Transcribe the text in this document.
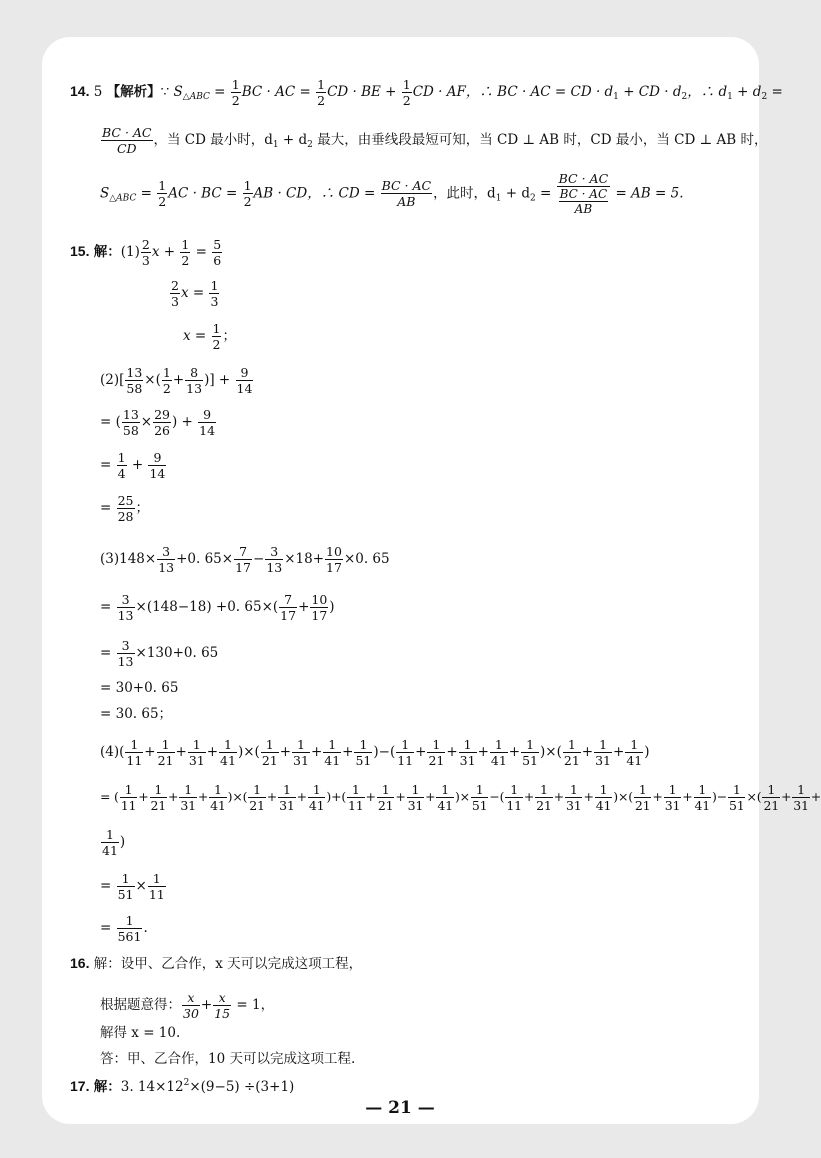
14. 5 【解析】∵ $S_{\triangle ABC} = \frac{1}{2}$ BC · AC = $\frac{1}{2}$ CD · BE + $\frac{1}{2}$ CD · AF，∴ BC · AC = CD · $d_1$ + CD · $d_2$，∴ $d_1 + d_2$ =
$\frac{BC \cdot AC}{CD}$ ，当 CD 最小时，$d_1 + d_2$ 最大，由垂线段最短可知，当 CD ⊥ AB 时，CD 最小，当 CD ⊥ AB 时，
$S_{\triangle ABC} = \frac{1}{2}$ AC · BC = $\frac{1}{2}$ AB · CD，∴ CD = $\frac{BC \cdot AC}{AB}$ ，此时，$d_1 + d_2 = \frac{BC \cdot AC}{\frac{BC \cdot AC}{AB}}$ = AB = 5.
15. 解：$(1) \frac{2}{3}$ $x + \frac{1}{2} = \frac{5}{6}$
$\frac{2}{3}$ $x = \frac{1}{3}$
$x = \frac{1}{2}$ ；
$(2)[ \frac{13}{58}$ ×( $\frac{1}{2} + \frac{8}{13}$ )] + $\frac{9}{14}$
= ( $\frac{13}{58} \times \frac{29}{26}$ ) + $\frac{9}{14}$
= $\frac{1}{4} + \frac{9}{14}$
= $\frac{25}{28}$ ；
$(3)148\times \frac{3}{13} +0$. $65\times \frac{7}{17} - \frac{3}{13} \times 18+ \frac{10}{17} \times 0$. 65
= $\frac{3}{13} \times(148-18) +0$. $65\times( \frac{7}{17} + \frac{10}{17}$ )
= $\frac{3}{13} \times 130+0$. 65
= 30+0. 65
= 30. 65；
$(4)( \frac{1}{11} + \frac{1}{21} + \frac{1}{31} + \frac{1}{41}$ )×( $\frac{1}{21} + \frac{1}{31} + \frac{1}{41} + \frac{1}{51}$ )−( $\frac{1}{11} + \frac{1}{21} + \frac{1}{31} + \frac{1}{41} + \frac{1}{51}$ )×( $\frac{1}{21} + \frac{1}{31} + \frac{1}{41}$ )
= ( $\frac{1}{11} + \frac{1}{21} + \frac{1}{31} + \frac{1}{41}$ )×( $\frac{1}{21} + \frac{1}{31} + \frac{1}{41}$ )+( $\frac{1}{11} + \frac{1}{21} + \frac{1}{31} + \frac{1}{41}$ )× $\frac{1}{51}$ −( $\frac{1}{11} + \frac{1}{21} + \frac{1}{31} + \frac{1}{41}$ )×( $\frac{1}{21} + \frac{1}{31} + \frac{1}{41}$ )− $\frac{1}{51}$ ×( $\frac{1}{21} + \frac{1}{31}$ +
$\frac{1}{41}$ )
= $\frac{1}{51} \times \frac{1}{11}$
= $\frac{1}{561}$ .
16. 解：设甲、乙合作，x 天可以完成这项工程，
根据题意得： $\frac{x}{30} + \frac{x}{15} = 1$，
解得 x = 10.
答：甲、乙合作，10 天可以完成这项工程.
17. 解：3. $14\times 12^2\times(9-5) \div(3+1)$
— 21 —
